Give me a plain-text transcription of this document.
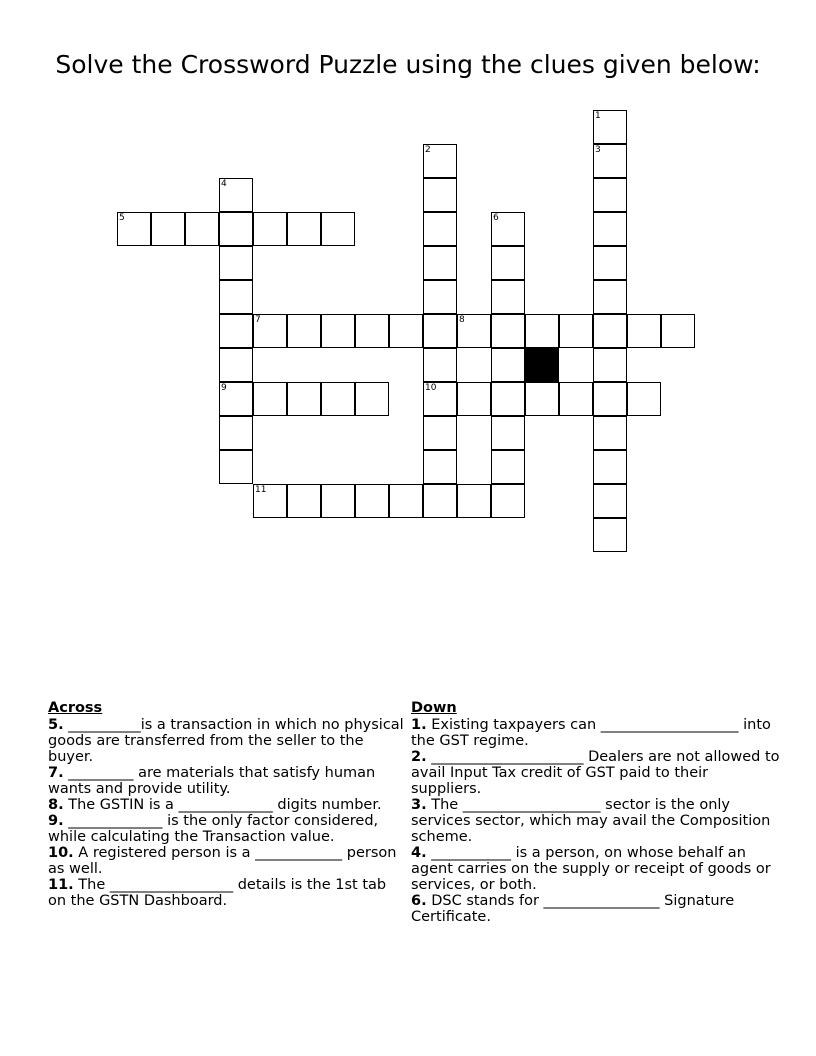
Solve the Crossword Puzzle using the clues given below:
1
3
2
10
4
9
5	6
7	8
11
Across
5. __________is a transaction in which no physical goods are transferred from the seller to the buyer.
7. _________ are materials that satisfy human wants and provide utility.
8. The GSTIN is a _____________ digits number.
9. _____________ is the only factor considered, while calculating the Transaction value.
10. A registered person is a ____________ person as well.
11. The _________________ details is the 1st tab on the GSTN Dashboard.
Down
1. Existing taxpayers can ___________________ into the GST regime.
2. _____________________ Dealers are not allowed to avail Input Tax credit of GST paid to their suppliers.
3. The ___________________ sector is the only services sector, which may avail the Composition scheme.
4. ___________ is a person, on whose behalf an agent carries on the supply or receipt of goods or services, or both.
6. DSC stands for ________________ Signature Certificate.
